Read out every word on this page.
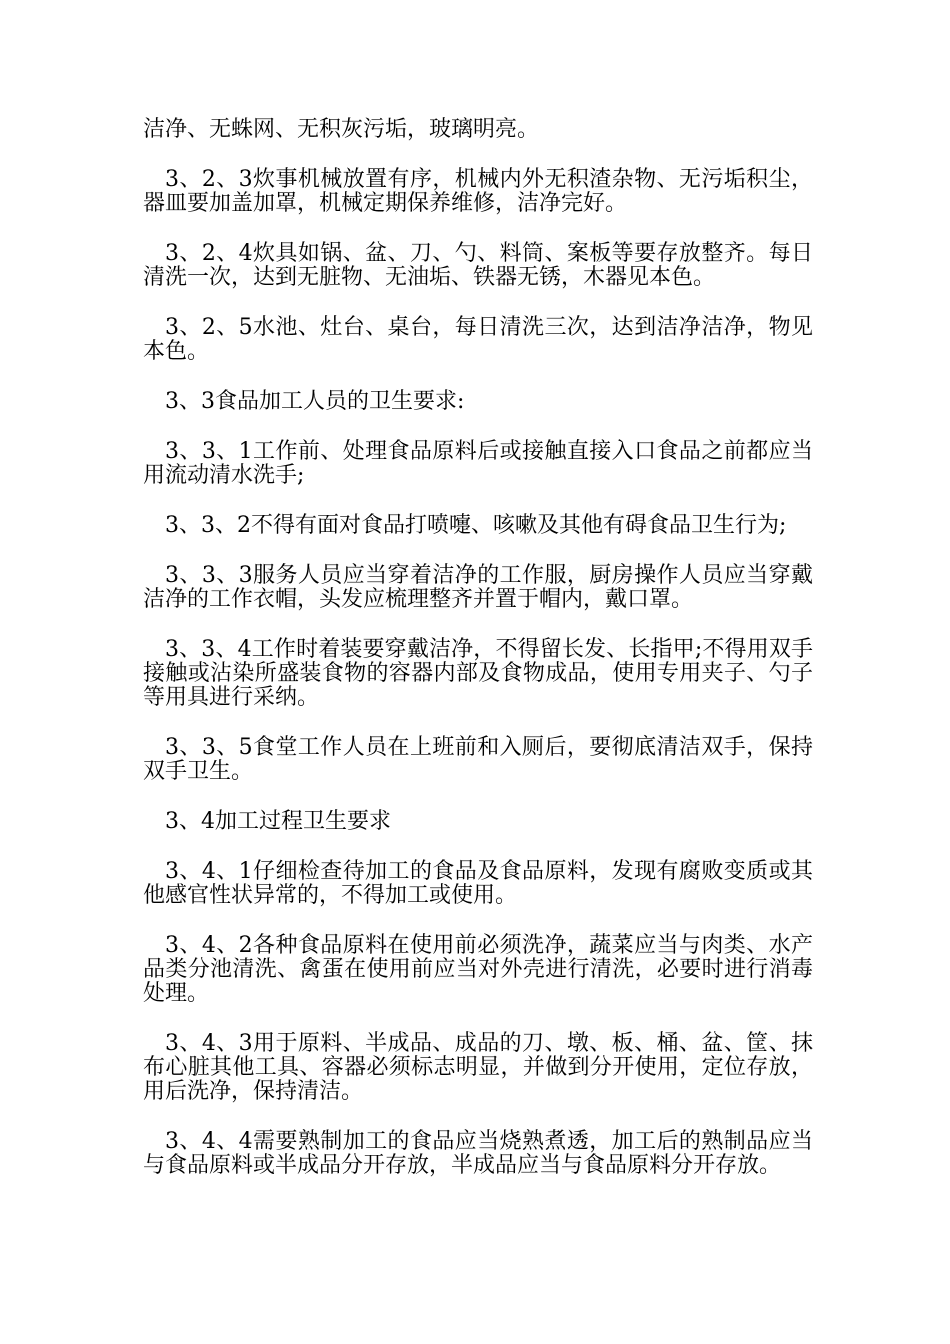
洁净、无蛛网、无积灰污垢，玻璃明亮。

3、2、3炊事机械放置有序，机械内外无积渣杂物、无污垢积尘，器皿要加盖加罩，机械定期保养维修，洁净完好。

3、2、4炊具如锅、盆、刀、勺、料筒、案板等要存放整齐。每日清洗一次，达到无脏物、无油垢、铁器无锈，木器见本色。

3、2、5水池、灶台、桌台，每日清洗三次，达到洁净洁净，物见本色。

3、3食品加工人员的卫生要求:

3、3、1工作前、处理食品原料后或接触直接入口食品之前都应当用流动清水洗手;

3、3、2不得有面对食品打喷嚏、咳嗽及其他有碍食品卫生行为;

3、3、3服务人员应当穿着洁净的工作服，厨房操作人员应当穿戴洁净的工作衣帽，头发应梳理整齐并置于帽内，戴口罩。

3、3、4工作时着装要穿戴洁净，不得留长发、长指甲;不得用双手接触或沾染所盛装食物的容器内部及食物成品，使用专用夹子、勺子等用具进行采纳。

3、3、5食堂工作人员在上班前和入厕后，要彻底清洁双手，保持双手卫生。

3、4加工过程卫生要求

3、4、1仔细检查待加工的食品及食品原料，发现有腐败变质或其他感官性状异常的，不得加工或使用。

3、4、2各种食品原料在使用前必须洗净，蔬菜应当与肉类、水产品类分池清洗、禽蛋在使用前应当对外壳进行清洗，必要时进行消毒处理。

3、4、3用于原料、半成品、成品的刀、墩、板、桶、盆、筐、抹布心脏其他工具、容器必须标志明显，并做到分开使用，定位存放，用后洗净，保持清洁。

3、4、4需要熟制加工的食品应当烧熟煮透，加工后的熟制品应当与食品原料或半成品分开存放，半成品应当与食品原料分开存放。
